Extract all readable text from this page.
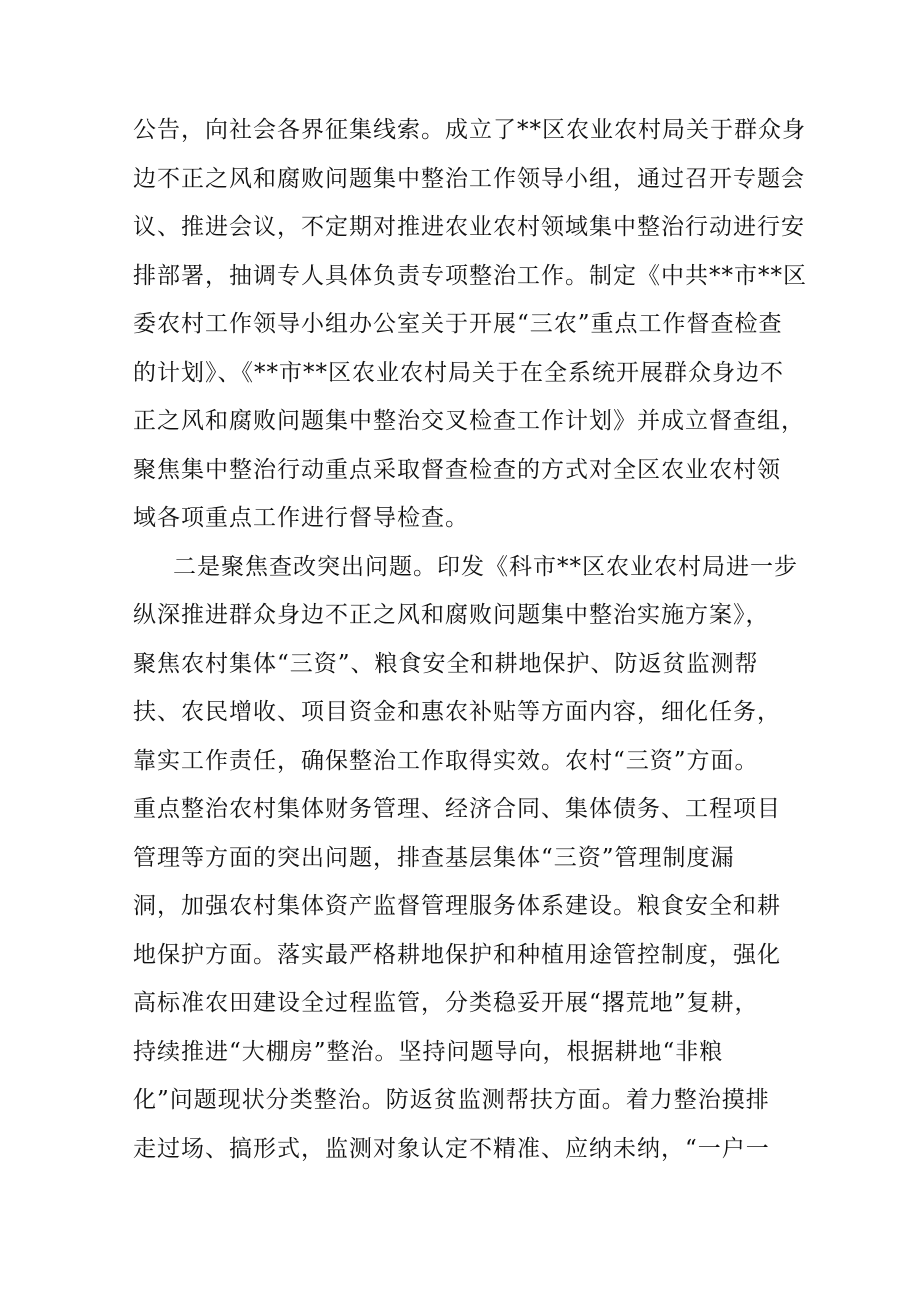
公告，向社会各界征集线索。成立了**区农业农村局关于群众身
边不正之风和腐败问题集中整治工作领导小组，通过召开专题会
议、推进会议，不定期对推进农业农村领域集中整治行动进行安
排部署，抽调专人具体负责专项整治工作。制定《中共**市**区
委农村工作领导小组办公室关于开展“三农”重点工作督查检查
的计划》、《**市**区农业农村局关于在全系统开展群众身边不
正之风和腐败问题集中整治交叉检查工作计划》并成立督查组，
聚焦集中整治行动重点采取督查检查的方式对全区农业农村领
域各项重点工作进行督导检查。
二是聚焦查改突出问题。印发《科市**区农业农村局进一步
纵深推进群众身边不正之风和腐败问题集中整治实施方案》，
聚焦农村集体“三资”、粮食安全和耕地保护、防返贫监测帮
扶、农民增收、项目资金和惠农补贴等方面内容，细化任务，
靠实工作责任，确保整治工作取得实效。农村“三资”方面。
重点整治农村集体财务管理、经济合同、集体债务、工程项目
管理等方面的突出问题，排查基层集体“三资”管理制度漏
洞，加强农村集体资产监督管理服务体系建设。粮食安全和耕
地保护方面。落实最严格耕地保护和种植用途管控制度，强化
高标准农田建设全过程监管，分类稳妥开展“撂荒地”复耕，
持续推进“大棚房”整治。坚持问题导向，根据耕地“非粮
化”问题现状分类整治。防返贫监测帮扶方面。着力整治摸排
走过场、搞形式，监测对象认定不精准、应纳未纳，“一户一
